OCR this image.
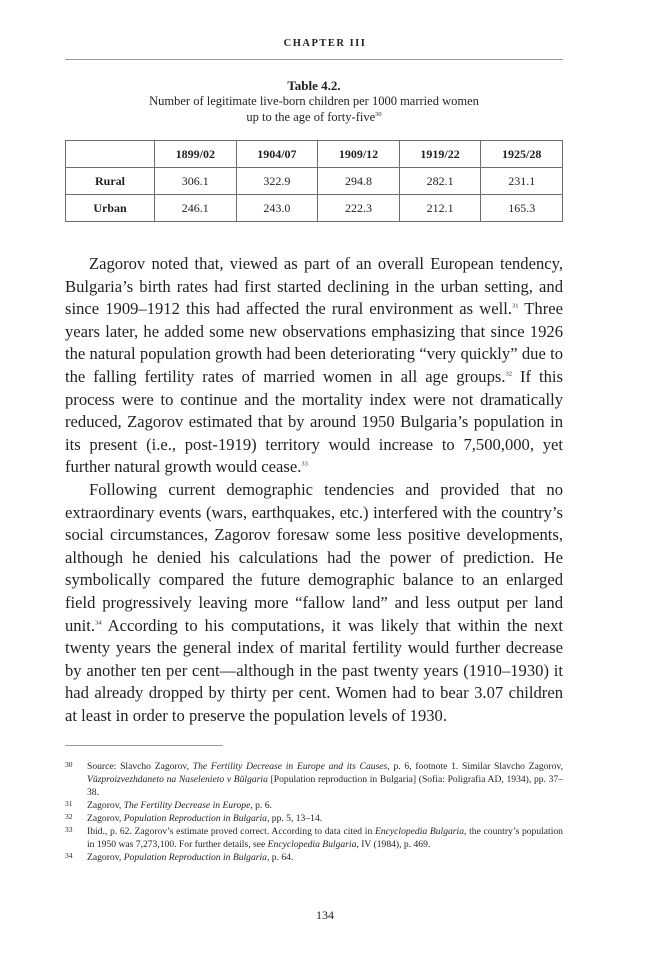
CHAPTER III
Table 4.2.
Number of legitimate live-born children per 1000 married women
up to the age of forty-five$^{30}$
	1899/02	1904/07	1909/12	1919/22	1925/28
Rural	306.1	322.9	294.8	282.1	231.1
Urban	246.1	243.0	222.3	212.1	165.3

Zagorov noted that, viewed as part of an overall European tendency, Bulgaria’s birth rates had first started declining in the urban setting, and since 1909–1912 this had affected the rural environment as well.$^{31}$ Three years later, he added some new observations emphasizing that since 1926 the natural population growth had been deteriorating “very quickly” due to the falling fertility rates of married women in all age groups.$^{32}$ If this process were to continue and the mortality index were not dramatically reduced, Zagorov estimated that by around 1950 Bulgaria’s population in its present (i.e., post-1919) territory would increase to 7,500,000, yet further natural growth would cease.$^{33}$

Following current demographic tendencies and provided that no extraordinary events (wars, earthquakes, etc.) interfered with the country’s social circumstances, Zagorov foresaw some less positive developments, although he denied his calculations had the power of prediction. He symbolically compared the future demographic balance to an enlarged field progressively leaving more “fallow land” and less output per land unit.$^{34}$ According to his computations, it was likely that within the next twenty years the general index of marital fertility would further decrease by another ten per cent—although in the past twenty years (1910–1930) it had already dropped by thirty per cent. Women had to bear 3.07 children at least in order to preserve the population levels of 1930.

30 Source: Slavcho Zagorov, The Fertility Decrease in Europe and its Causes, p. 6, footnote 1. Similar Slavcho Zagorov, Vŭzproizvezhdaneto na Naselenieto v Bŭlgaria [Population reproduction in Bulgaria] (Sofia: Poligrafia AD, 1934), pp. 37–38.
31 Zagorov, The Fertility Decrease in Europe, p. 6.
32 Zagorov, Population Reproduction in Bulgaria, pp. 5, 13–14.
33 Ibid., p. 62. Zagorov’s estimate proved correct. According to data cited in Encyclopedia Bulgaria, the country’s population in 1950 was 7,273,100. For further details, see Encyclopedia Bulgaria, IV (1984), p. 469.
34 Zagorov, Population Reproduction in Bulgaria, p. 64.
134
